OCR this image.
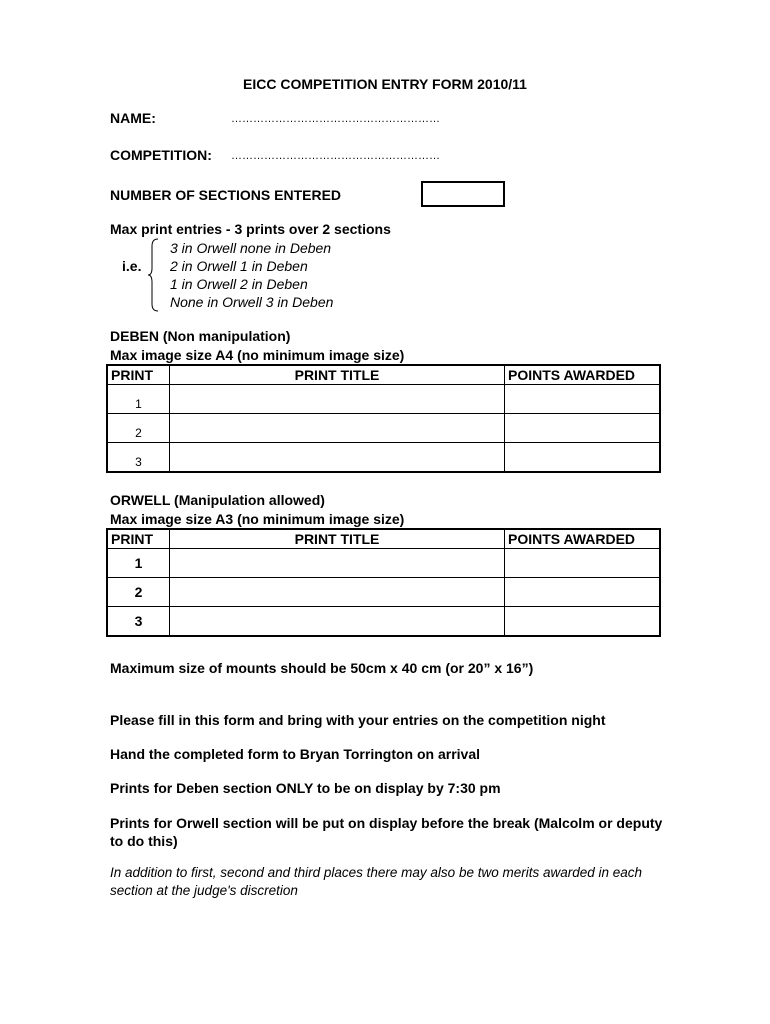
EICC COMPETITION ENTRY FORM 2010/11
NAME:	…………………………………………………
COMPETITION: …………………………………………………
NUMBER OF SECTIONS ENTERED
Max print entries - 3 prints over 2 sections
i.e.
3 in Orwell none in Deben
2 in Orwell 1 in Deben
1 in Orwell 2 in Deben
None in Orwell 3 in Deben
DEBEN (Non manipulation)
Max image size A4 (no minimum image size)
PRINT	PRINT TITLE	POINTS AWARDED
1		
2		
3		
ORWELL (Manipulation allowed)
Max image size A3 (no minimum image size)
PRINT	PRINT TITLE	POINTS AWARDED
1		
2		
3		
Maximum size of mounts should be 50cm x 40 cm (or 20” x 16”)
Please fill in this form and bring with your entries on the competition night
Hand the completed form to Bryan Torrington on arrival
Prints for Deben section ONLY to be on display by 7:30 pm
Prints for Orwell section will be put on display before the break (Malcolm or deputy to do this)
In addition to first, second and third places there may also be two merits awarded in each section at the judge's discretion
